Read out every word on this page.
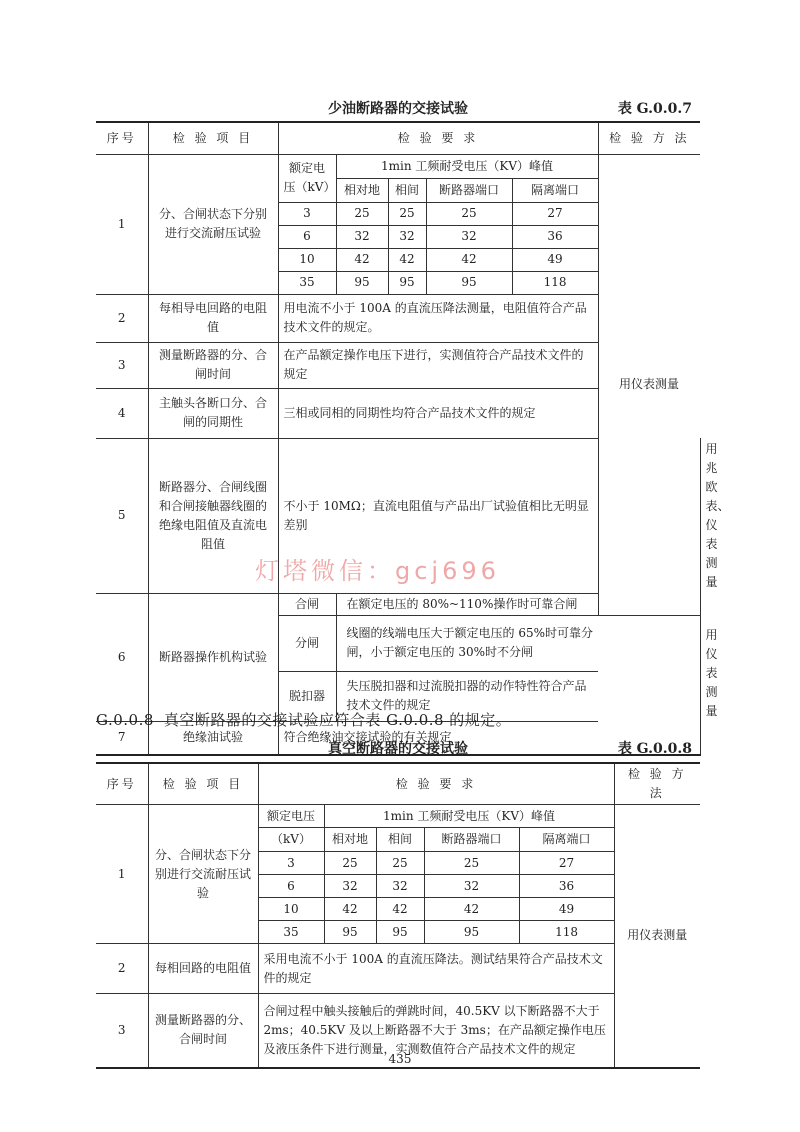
少油断路器的交接试验	表 G.0.0.7
序号	检 验 项 目	检 验 要 求					检 验 方 法	
1	分、合闸状态下分别进行交流耐压试验	额定电压（kV）	1min 工频耐受电压（KV）峰值				用仪表测量	
			相对地	相间	断路器端口	隔离端口		
		3	25	25	25	27		
		6	32	32	32	36		
		10	42	42	42	49		
		35	95	95	95	118		
2	每相导电回路的电阻值	用电流不小于 100A 的直流压降法测量，电阻值符合产品技术文件的规定。						
3	测量断路器的分、合闸时间	在产品额定操作电压下进行，实测值符合产品技术文件的规定						
4	主触头各断口分、合闸的同期性	三相或同相的同期性均符合产品技术文件的规定						
5	断路器分、合闸线圈和合闸接触器线圈的绝缘电阻值及直流电阻值	不小于 10MΩ；直流电阻值与产品出厂试验值相比无明显差别						用兆欧表、仪表测量
6	断路器操作机构试验	合闸	在额定电压的 80%~110%操作时可靠合闸					用仪表测量
		分闸	线圈的线端电压大于额定电压的 65%时可靠分闸，小于额定电压的 30%时不分闸					
		脱扣器	失压脱扣器和过流脱扣器的动作特性符合产品技术文件的规定					
7	绝缘油试验	符合绝缘油交接试验的有关规定						
灯塔微信：gcj696
G.0.0.8 真空断路器的交接试验应符合表 G.0.0.8 的规定。
真空断路器的交接试验	表 G.0.0.8
序号	检 验 项 目	检 验 要 求					检 验 方 法
1	分、合闸状态下分别进行交流耐压试验	额定电压	1min 工频耐受电压（KV）峰值				用仪表测量
		（kV）	相对地	相间	断路器端口	隔离端口	
		3	25	25	25	27	
		6	32	32	32	36	
		10	42	42	42	49	
		35	95	95	95	118	
2	每相回路的电阻值	采用电流不小于 100A 的直流压降法。测试结果符合产品技术文件的规定					
3	测量断路器的分、合闸时间	合闸过程中触头接触后的弹跳时间，40.5KV 以下断路器不大于 2ms；40.5KV 及以上断路器不大于 3ms；在产品额定操作电压及液压条件下进行测量，实测数值符合产品技术文件的规定					
435
